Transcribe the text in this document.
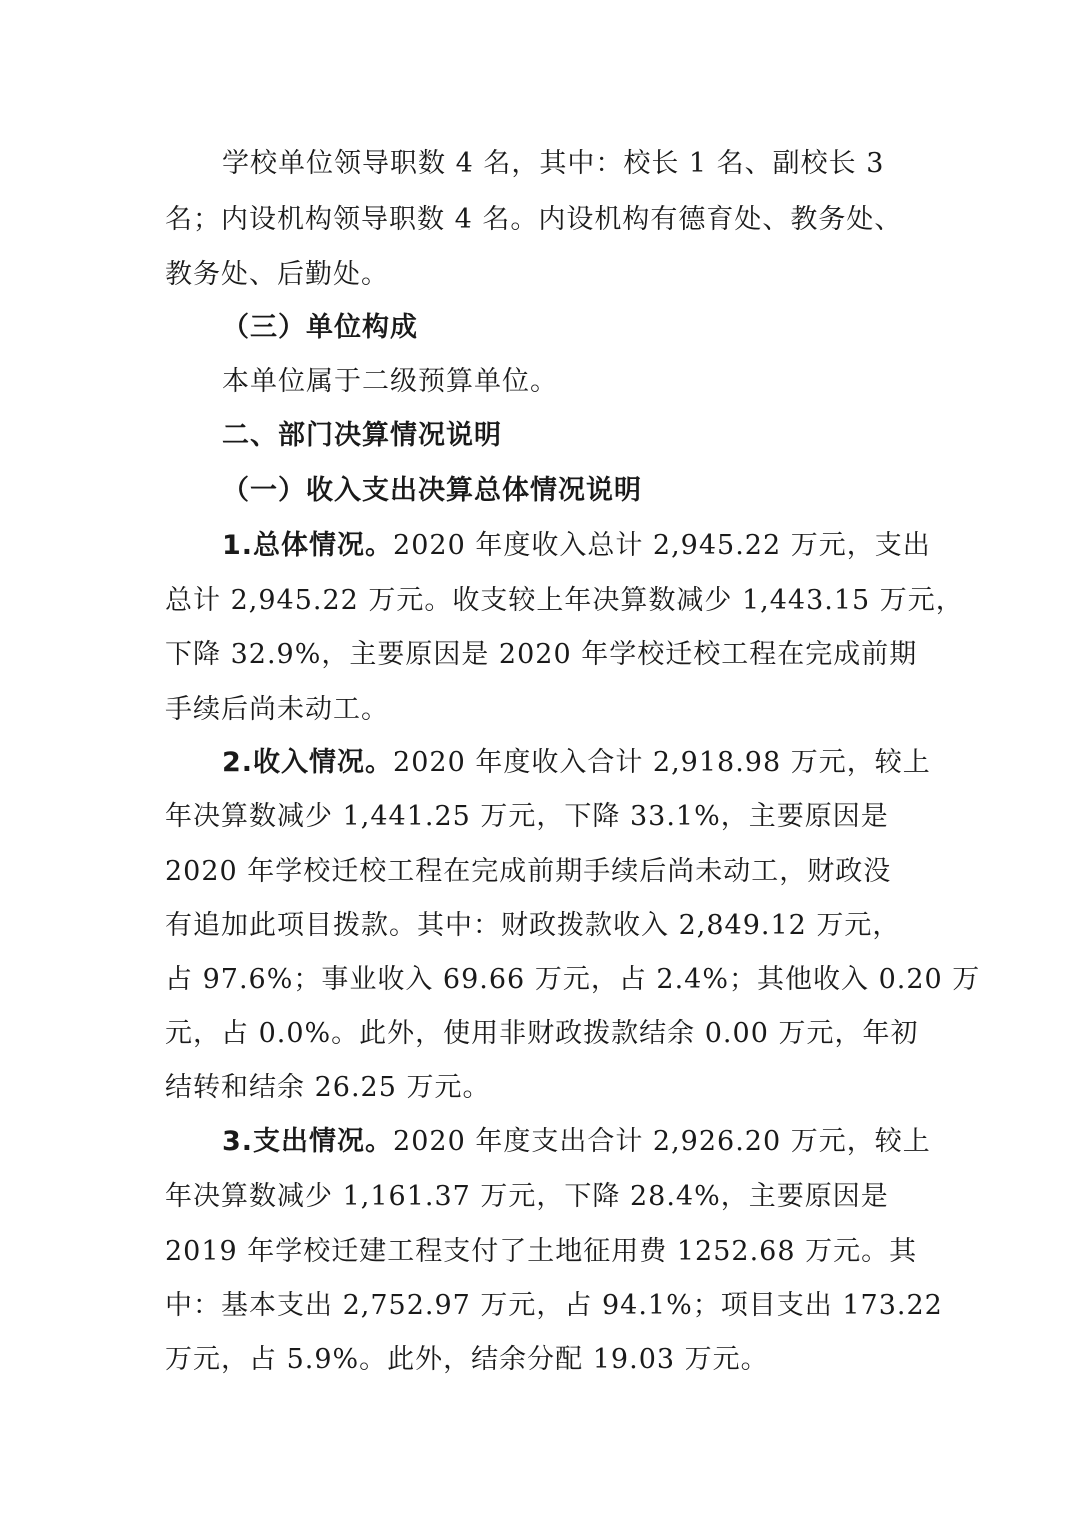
学校单位领导职数 4 名，其中：校长 1 名、副校长 3
名；内设机构领导职数 4 名。内设机构有德育处、教务处、
教务处、后勤处。
（三）单位构成
本单位属于二级预算单位。
二、部门决算情况说明
（一）收入支出决算总体情况说明
1.总体情况。2020 年度收入总计 2,945.22 万元，支出
总计 2,945.22 万元。收支较上年决算数减少 1,443.15 万元，
下降 32.9%，主要原因是 2020 年学校迁校工程在完成前期
手续后尚未动工。
2.收入情况。2020 年度收入合计 2,918.98 万元，较上
年决算数减少 1,441.25 万元，下降 33.1%，主要原因是
2020 年学校迁校工程在完成前期手续后尚未动工，财政没
有追加此项目拨款。其中：财政拨款收入 2,849.12 万元，
占 97.6%；事业收入 69.66 万元，占 2.4%；其他收入 0.20 万
元，占 0.0%。此外，使用非财政拨款结余 0.00 万元，年初
结转和结余 26.25 万元。
3.支出情况。2020 年度支出合计 2,926.20 万元，较上
年决算数减少 1,161.37 万元，下降 28.4%，主要原因是
2019 年学校迁建工程支付了土地征用费 1252.68 万元。其
中：基本支出 2,752.97 万元，占 94.1%；项目支出 173.22
万元，占 5.9%。此外，结余分配 19.03 万元。
